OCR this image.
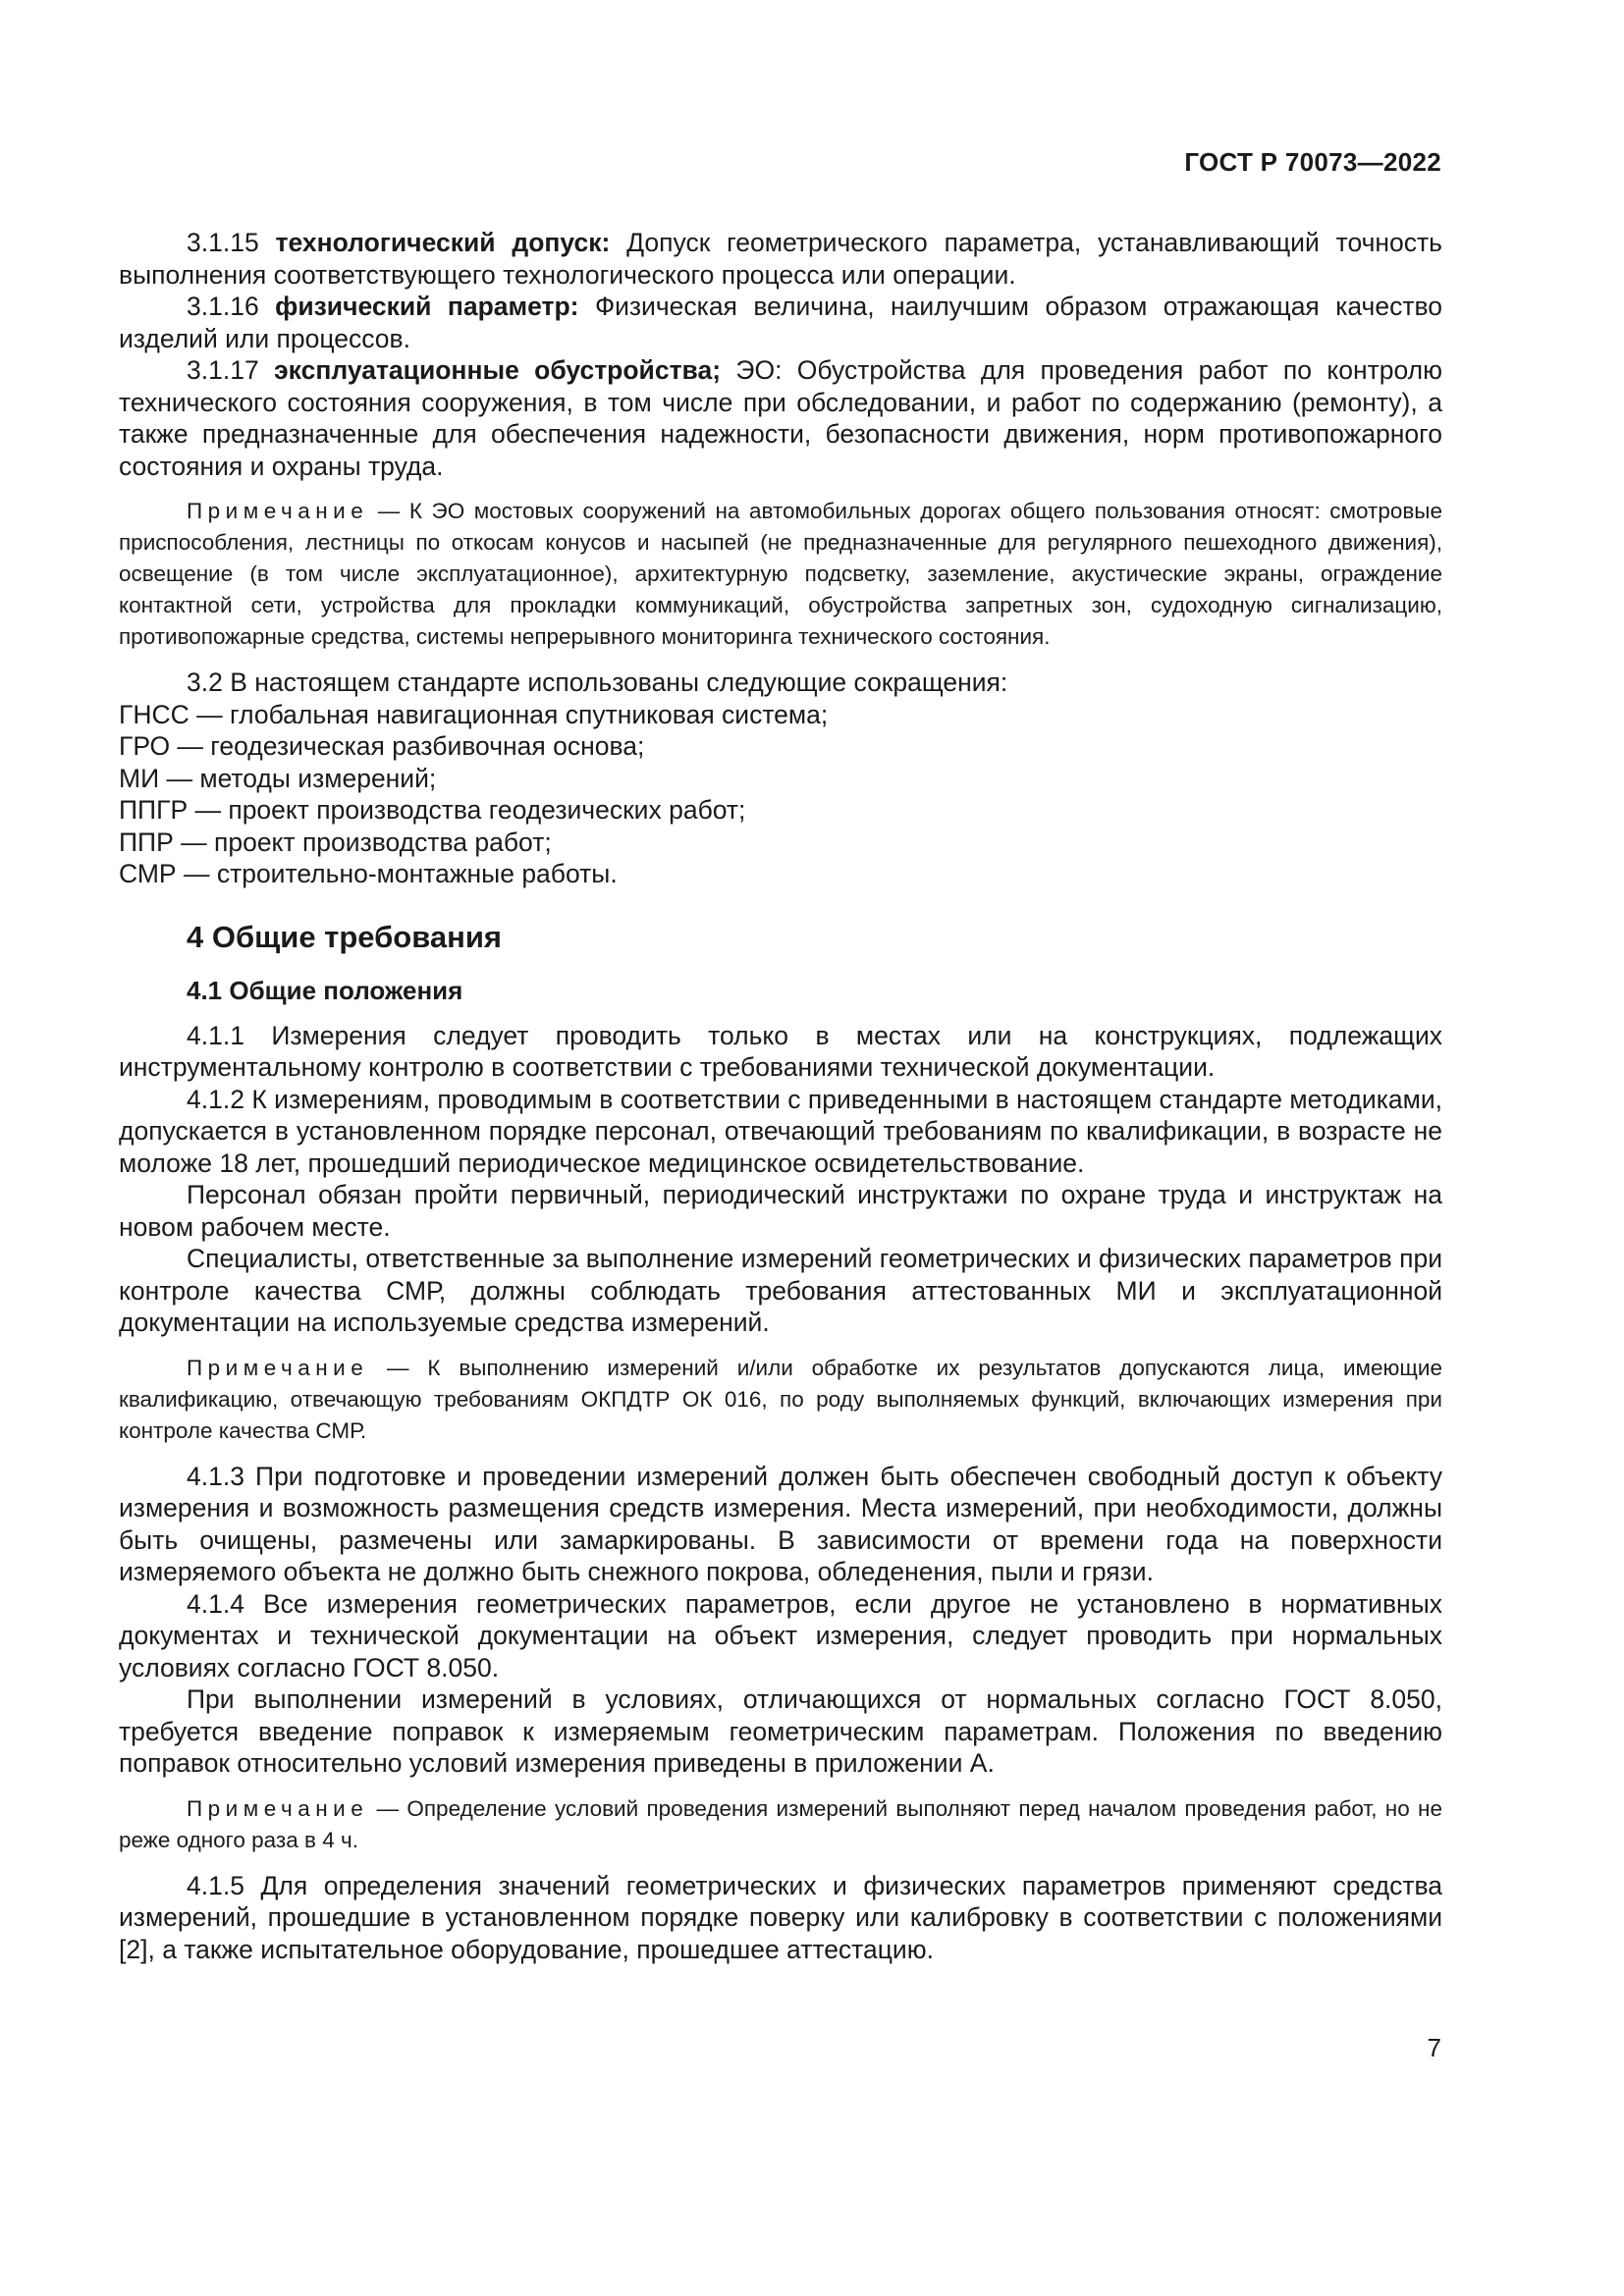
ГОСТ Р 70073—2022

3.1.15 технологический допуск: Допуск геометрического параметра, устанавливающий точность выполнения соответствующего технологического процесса или операции.

3.1.16 физический параметр: Физическая величина, наилучшим образом отражающая качество изделий или процессов.

3.1.17 эксплуатационные обустройства; ЭО: Обустройства для проведения работ по контролю технического состояния сооружения, в том числе при обследовании, и работ по содержанию (ремонту), а также предназначенные для обеспечения надежности, безопасности движения, норм противопожарного состояния и охраны труда.

Примечание — К ЭО мостовых сооружений на автомобильных дорогах общего пользования относят: смотровые приспособления, лестницы по откосам конусов и насыпей (не предназначенные для регулярного пешеходного движения), освещение (в том числе эксплуатационное), архитектурную подсветку, заземление, акустические экраны, ограждение контактной сети, устройства для прокладки коммуникаций, обустройства запретных зон, судоходную сигнализацию, противопожарные средства, системы непрерывного мониторинга технического состояния.

3.2 В настоящем стандарте использованы следующие сокращения:

ГНСС — глобальная навигационная спутниковая система;
ГРО — геодезическая разбивочная основа;
МИ — методы измерений;
ППГР — проект производства геодезических работ;
ППР — проект производства работ;
СМР — строительно-монтажные работы.
4 Общие требования
4.1 Общие положения

4.1.1 Измерения следует проводить только в местах или на конструкциях, подлежащих инструментальному контролю в соответствии с требованиями технической документации.

4.1.2 К измерениям, проводимым в соответствии с приведенными в настоящем стандарте методиками, допускается в установленном порядке персонал, отвечающий требованиям по квалификации, в возрасте не моложе 18 лет, прошедший периодическое медицинское освидетельствование.

Персонал обязан пройти первичный, периодический инструктажи по охране труда и инструктаж на новом рабочем месте.

Специалисты, ответственные за выполнение измерений геометрических и физических параметров при контроле качества СМР, должны соблюдать требования аттестованных МИ и эксплуатационной документации на используемые средства измерений.

Примечание — К выполнению измерений и/или обработке их результатов допускаются лица, имеющие квалификацию, отвечающую требованиям ОКПДТР ОК 016, по роду выполняемых функций, включающих измерения при контроле качества СМР.

4.1.3 При подготовке и проведении измерений должен быть обеспечен свободный доступ к объекту измерения и возможность размещения средств измерения. Места измерений, при необходимости, должны быть очищены, размечены или замаркированы. В зависимости от времени года на поверхности измеряемого объекта не должно быть снежного покрова, обледенения, пыли и грязи.

4.1.4 Все измерения геометрических параметров, если другое не установлено в нормативных документах и технической документации на объект измерения, следует проводить при нормальных условиях согласно ГОСТ 8.050.

При выполнении измерений в условиях, отличающихся от нормальных согласно ГОСТ 8.050, требуется введение поправок к измеряемым геометрическим параметрам. Положения по введению поправок относительно условий измерения приведены в приложении А.

Примечание — Определение условий проведения измерений выполняют перед началом проведения работ, но не реже одного раза в 4 ч.

4.1.5 Для определения значений геометрических и физических параметров применяют средства измерений, прошедшие в установленном порядке поверку или калибровку в соответствии с положениями [2], а также испытательное оборудование, прошедшее аттестацию.

7
